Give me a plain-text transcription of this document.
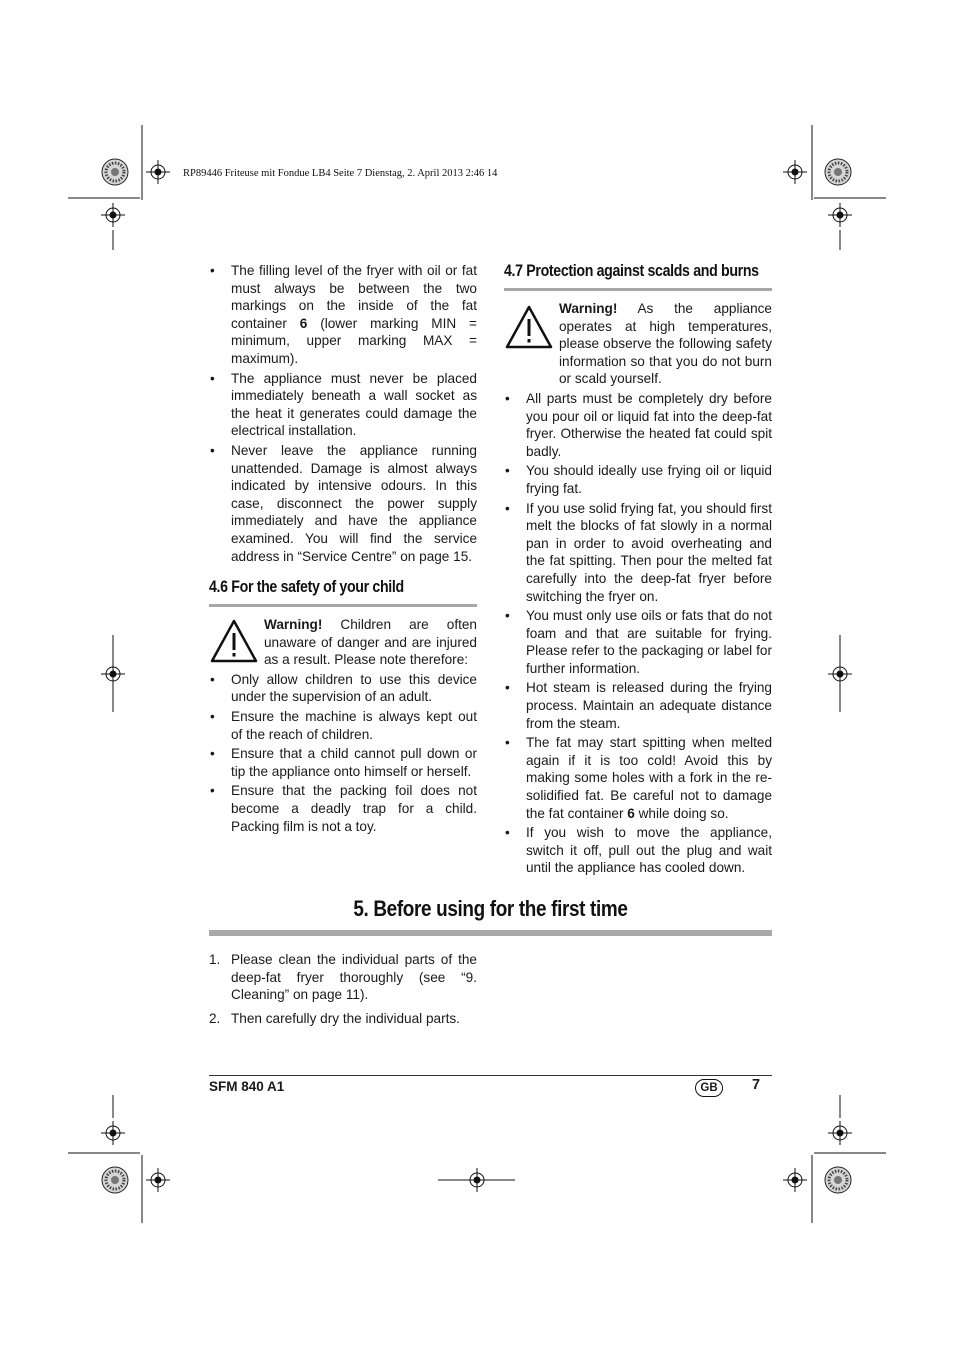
RP89446 Friteuse mit Fondue LB4 Seite 7 Dienstag, 2. April 2013 2:46 14
• The filling level of the fryer with oil or fat must always be between the two markings on the inside of the fat container 6 (lower marking MIN = minimum, upper marking MAX = maximum).
• The appliance must never be placed immediately beneath a wall socket as the heat it generates could damage the electrical installation.
• Never leave the appliance running unattended. Damage is almost always indicated by intensive odours. In this case, disconnect the power supply immediately and have the appliance examined. You will find the service address in “Service Centre” on page 15.
4.6 For the safety of your child
Warning! Children are often unaware of danger and are injured as a result. Please note therefore:
• Only allow children to use this device under the supervision of an adult.
• Ensure the machine is always kept out of the reach of children.
• Ensure that a child cannot pull down or tip the appliance onto himself or herself.
• Ensure that the packing foil does not become a deadly trap for a child. Packing film is not a toy.
4.7 Protection against scalds and burns
Warning! As the appliance operates at high temperatures, please observe the following safety information so that you do not burn or scald yourself.
• All parts must be completely dry before you pour oil or liquid fat into the deep-fat fryer. Otherwise the heated fat could spit badly.
• You should ideally use frying oil or liquid frying fat.
• If you use solid frying fat, you should first melt the blocks of fat slowly in a normal pan in order to avoid overheating and the fat spitting. Then pour the melted fat carefully into the deep-fat fryer before switching the fryer on.
• You must only use oils or fats that do not foam and that are suitable for frying. Please refer to the packaging or label for further information.
• Hot steam is released during the frying process. Maintain an adequate distance from the steam.
• The fat may start spitting when melted again if it is too cold! Avoid this by making some holes with a fork in the re-solidified fat. Be careful not to damage the fat container 6 while doing so.
• If you wish to move the appliance, switch it off, pull out the plug and wait until the appliance has cooled down.
5. Before using for the first time
1. Please clean the individual parts of the deep-fat fryer thoroughly (see “9. Cleaning” on page 11).
2. Then carefully dry the individual parts.
SFM 840 A1	GB	7
